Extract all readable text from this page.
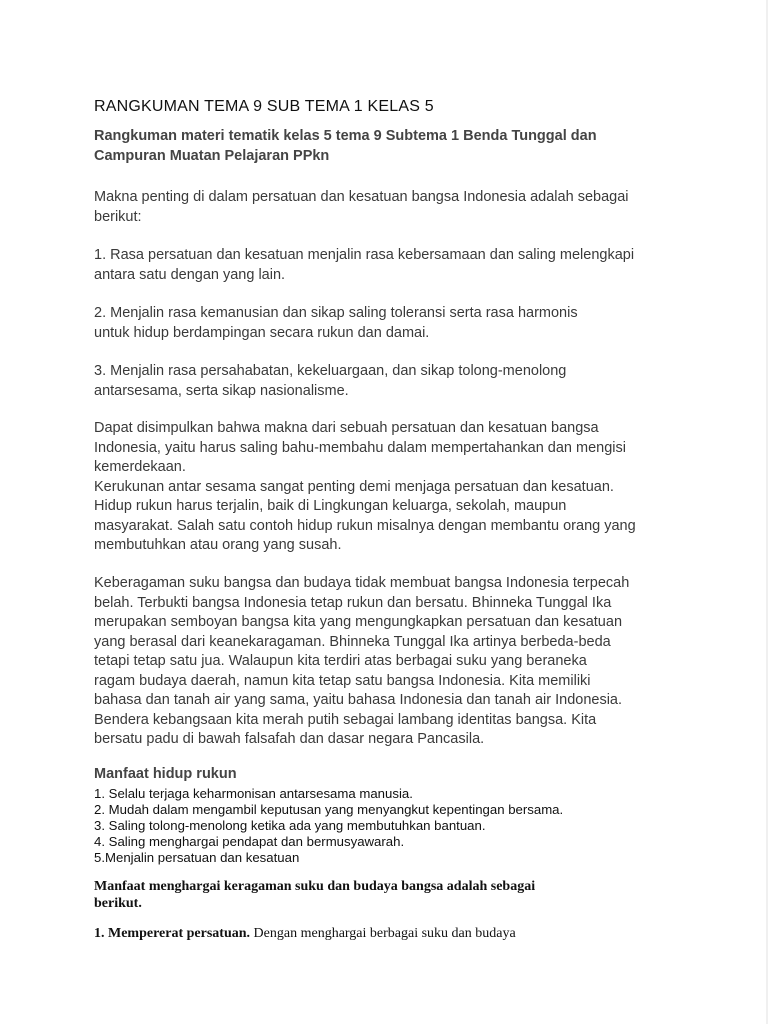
RANGKUMAN TEMA 9 SUB TEMA 1 KELAS 5
Rangkuman materi tematik kelas 5 tema 9 Subtema 1 Benda Tunggal dan
Campuran Muatan Pelajaran PPkn
Makna penting di dalam persatuan dan kesatuan bangsa Indonesia adalah sebagai
berikut:
1. Rasa persatuan dan kesatuan menjalin rasa kebersamaan dan saling melengkapi
antara satu dengan yang lain.
2. Menjalin rasa kemanusian dan sikap saling toleransi serta rasa harmonis
untuk hidup berdampingan secara rukun dan damai.
3. Menjalin rasa persahabatan, kekeluargaan, dan sikap tolong-menolong
antarsesama, serta sikap nasionalisme.
Dapat disimpulkan bahwa makna dari sebuah persatuan dan kesatuan bangsa
Indonesia, yaitu harus saling bahu-membahu dalam mempertahankan dan mengisi
kemerdekaan.
Kerukunan antar sesama sangat penting demi menjaga persatuan dan kesatuan.
Hidup rukun harus terjalin, baik di Lingkungan keluarga, sekolah, maupun
masyarakat. Salah satu contoh hidup rukun misalnya dengan membantu orang yang
membutuhkan atau orang yang susah.
Keberagaman suku bangsa dan budaya tidak membuat bangsa Indonesia terpecah
belah. Terbukti bangsa Indonesia tetap rukun dan bersatu. Bhinneka Tunggal Ika
merupakan semboyan bangsa kita yang mengungkapkan persatuan dan kesatuan
yang berasal dari keanekaragaman. Bhinneka Tunggal Ika artinya berbeda-beda
tetapi tetap satu jua. Walaupun kita terdiri atas berbagai suku yang beraneka
ragam budaya daerah, namun kita tetap satu bangsa Indonesia. Kita memiliki
bahasa dan tanah air yang sama, yaitu bahasa Indonesia dan tanah air Indonesia.
Bendera kebangsaan kita merah putih sebagai lambang identitas bangsa. Kita
bersatu padu di bawah falsafah dan dasar negara Pancasila.
Manfaat hidup rukun
1. Selalu terjaga keharmonisan antarsesama manusia.
2. Mudah dalam mengambil keputusan yang menyangkut kepentingan bersama.
3. Saling tolong-menolong ketika ada yang membutuhkan bantuan.
4. Saling menghargai pendapat dan bermusyawarah.
5.Menjalin persatuan dan kesatuan
Manfaat menghargai keragaman suku dan budaya bangsa adalah sebagai
berikut.
1. Mempererat persatuan. Dengan menghargai berbagai suku dan budaya
